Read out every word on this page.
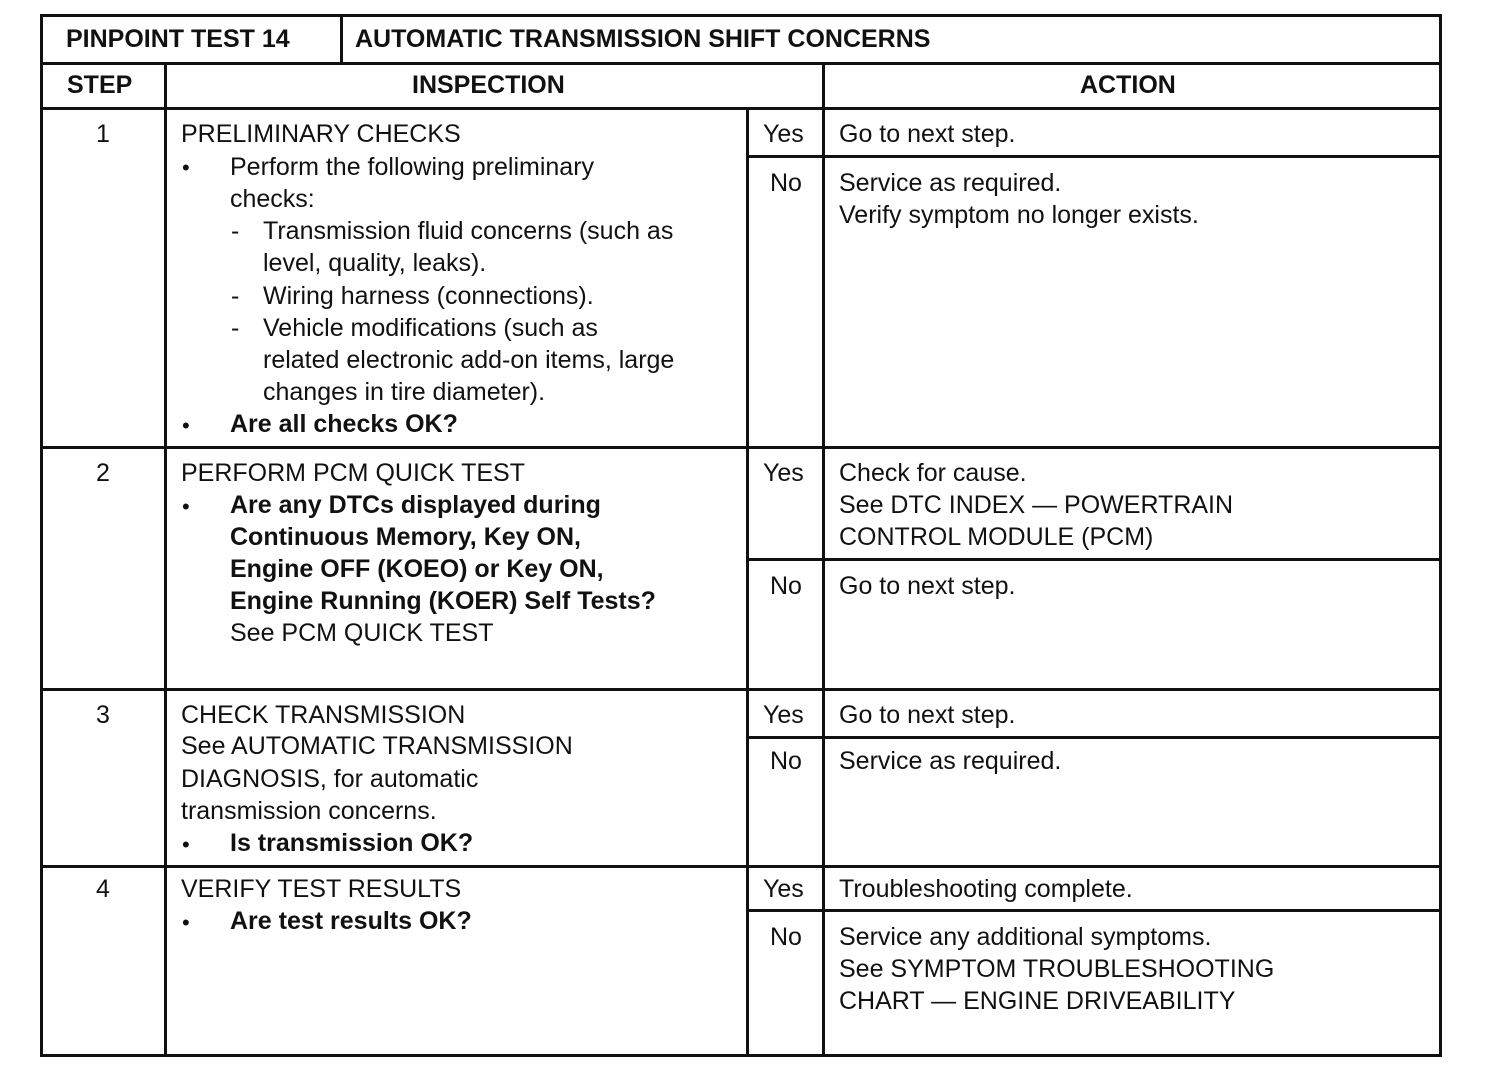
PINPOINT TEST 14	AUTOMATIC TRANSMISSION SHIFT CONCERNS
STEP	INSPECTION	ACTION
1	PRELIMINARY CHECKS
• Perform the following preliminary
checks:
- Transmission fluid concerns (such as
level, quality, leaks).
- Wiring harness (connections).
- Vehicle modifications (such as
related electronic add-on items, large
changes in tire diameter).
• Are all checks OK?
Yes Go to next step.
No Service as required.
Verify symptom no longer exists.
2	PERFORM PCM QUICK TEST
• Are any DTCs displayed during
Continuous Memory, Key ON,
Engine OFF (KOEO) or Key ON,
Engine Running (KOER) Self Tests?
See PCM QUICK TEST
Yes Check for cause.
See DTC INDEX — POWERTRAIN
CONTROL MODULE (PCM)
No Go to next step.
3	CHECK TRANSMISSION
See AUTOMATIC TRANSMISSION
DIAGNOSIS, for automatic
transmission concerns.
• Is transmission OK?
Yes Go to next step.
No Service as required.
4	VERIFY TEST RESULTS
• Are test results OK?
Yes Troubleshooting complete.
No Service any additional symptoms.
See SYMPTOM TROUBLESHOOTING
CHART — ENGINE DRIVEABILITY
